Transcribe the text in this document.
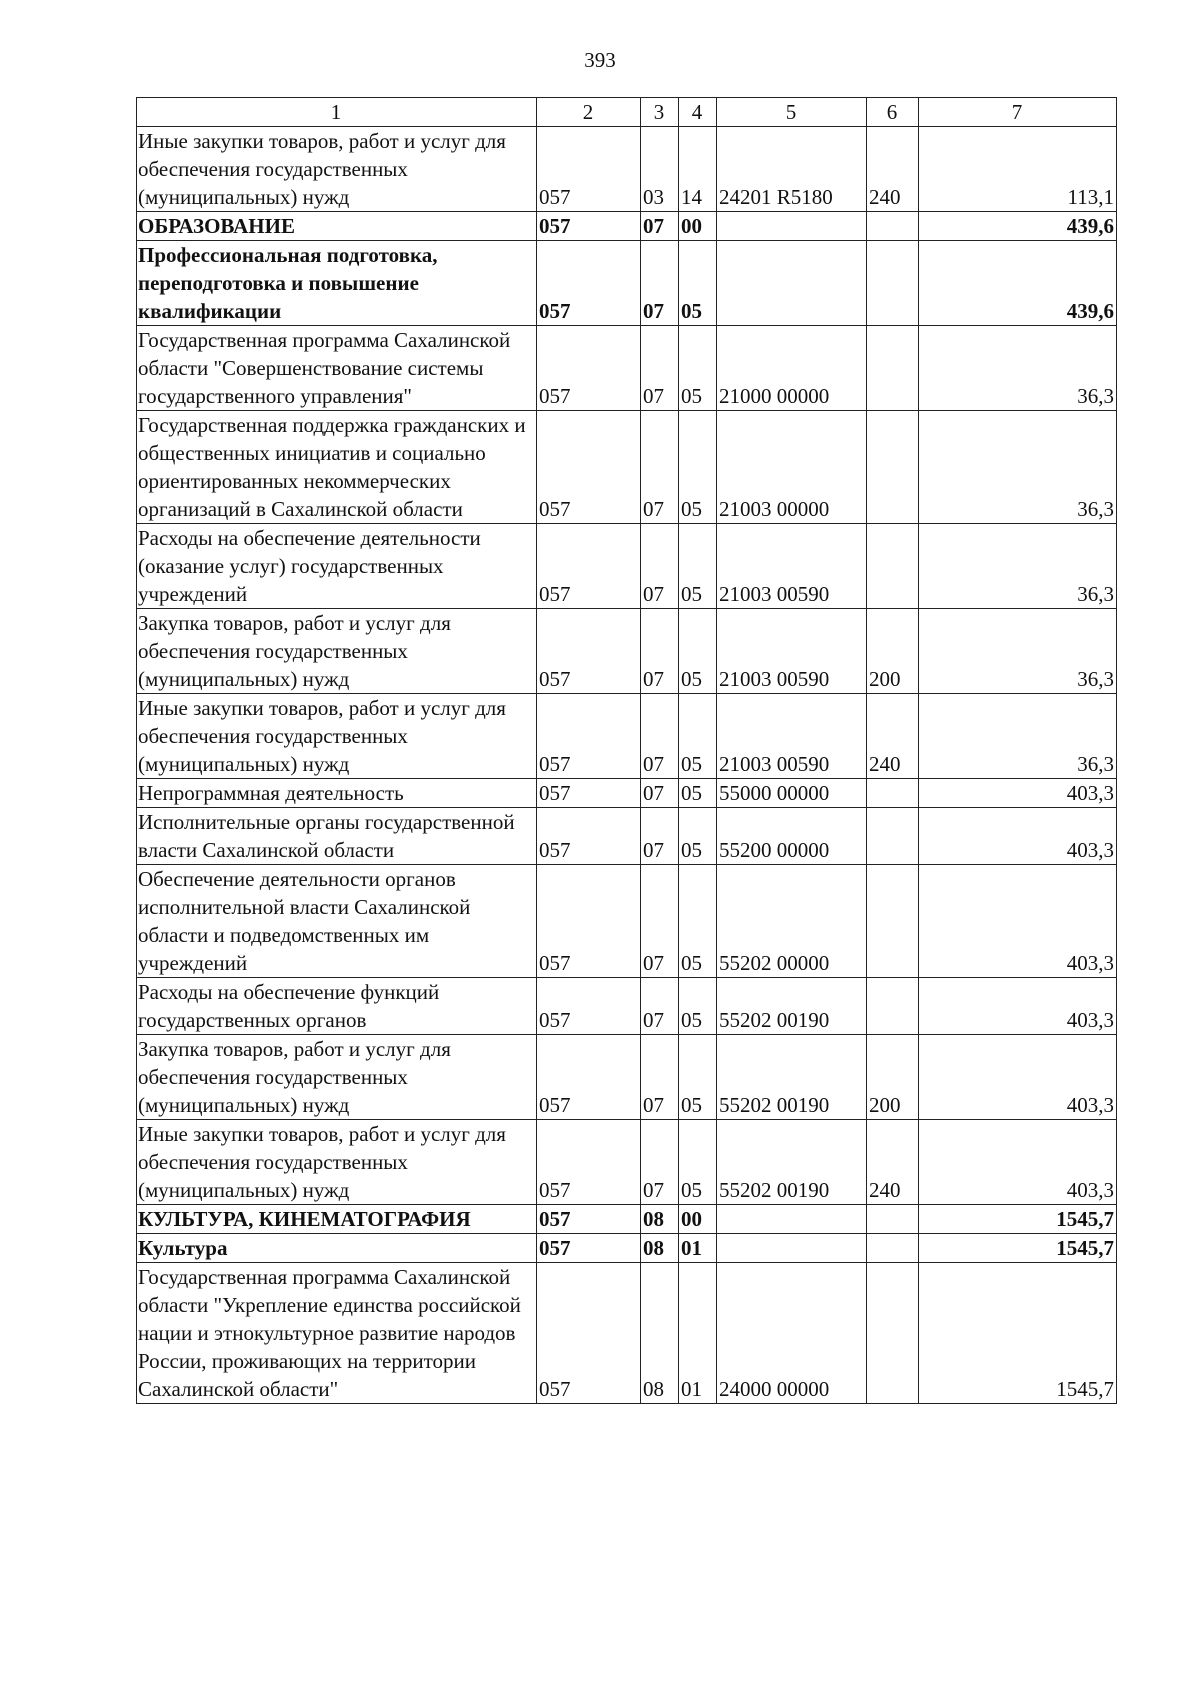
393
1	2	3	4	5	6	7
Иные закупки товаров, работ и услуг для обеспечения государственных (муниципальных) нужд	057	03	14	24201 R5180	240	113,1
ОБРАЗОВАНИЕ	057	07	00			439,6
Профессиональная подготовка, переподготовка и повышение квалификации	057	07	05			439,6
Государственная программа Сахалинской области "Совершенствование системы государственного управления"	057	07	05	21000 00000		36,3
Государственная поддержка гражданских и общественных инициатив и социально ориентированных некоммерческих организаций в Сахалинской области	057	07	05	21003 00000		36,3
Расходы на обеспечение деятельности (оказание услуг) государственных учреждений	057	07	05	21003 00590		36,3
Закупка товаров, работ и услуг для обеспечения государственных (муниципальных) нужд	057	07	05	21003 00590	200	36,3
Иные закупки товаров, работ и услуг для обеспечения государственных (муниципальных) нужд	057	07	05	21003 00590	240	36,3
Непрограммная деятельность	057	07	05	55000 00000		403,3
Исполнительные органы государственной власти Сахалинской области	057	07	05	55200 00000		403,3
Обеспечение деятельности органов исполнительной власти Сахалинской области и подведомственных им учреждений	057	07	05	55202 00000		403,3
Расходы на обеспечение функций государственных органов	057	07	05	55202 00190		403,3
Закупка товаров, работ и услуг для обеспечения государственных (муниципальных) нужд	057	07	05	55202 00190	200	403,3
Иные закупки товаров, работ и услуг для обеспечения государственных (муниципальных) нужд	057	07	05	55202 00190	240	403,3
КУЛЬТУРА, КИНЕМАТОГРАФИЯ	057	08	00			1545,7
Культура	057	08	01			1545,7
Государственная программа Сахалинской области "Укрепление единства российской нации и этнокультурное развитие народов России, проживающих на территории Сахалинской области"	057	08	01	24000 00000		1545,7
